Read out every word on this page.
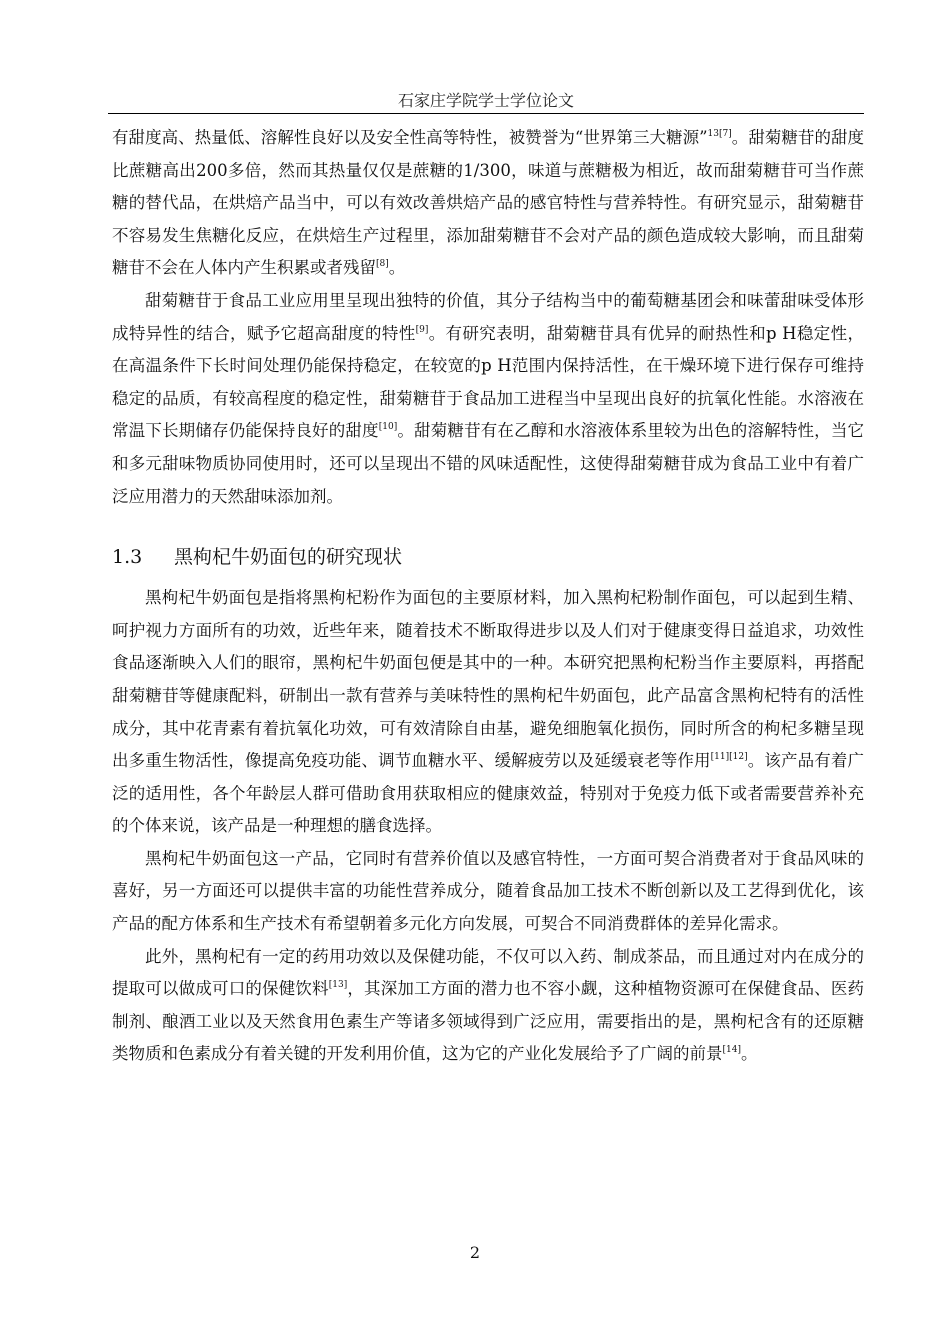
石家庄学院学士学位论文

有甜度高、热量低、溶解性良好以及安全性高等特性，被赞誉为“世界第三大糖源”$^{13[7]}$。甜菊糖苷的甜度比蔗糖高出200多倍，然而其热量仅仅是蔗糖的1/300，味道与蔗糖极为相近，故而甜菊糖苷可当作蔗糖的替代品，在烘焙产品当中，可以有效改善烘焙产品的感官特性与营养特性。有研究显示，甜菊糖苷不容易发生焦糖化反应，在烘焙生产过程里，添加甜菊糖苷不会对产品的颜色造成较大影响，而且甜菊糖苷不会在人体内产生积累或者残留[8]。

甜菊糖苷于食品工业应用里呈现出独特的价值，其分子结构当中的葡萄糖基团会和味蕾甜味受体形成特异性的结合，赋予它超高甜度的特性[9]。有研究表明，甜菊糖苷具有优异的耐热性和p H稳定性，在高温条件下长时间处理仍能保持稳定，在较宽的p H范围内保持活性，在干燥环境下进行保存可维持稳定的品质，有较高程度的稳定性，甜菊糖苷于食品加工进程当中呈现出良好的抗氧化性能。水溶液在常温下长期储存仍能保持良好的甜度[10]。甜菊糖苷有在乙醇和水溶液体系里较为出色的溶解特性，当它和多元甜味物质协同使用时，还可以呈现出不错的风味适配性，这使得甜菊糖苷成为食品工业中有着广泛应用潜力的天然甜味添加剂。

1.3 黑枸杞牛奶面包的研究现状

黑枸杞牛奶面包是指将黑枸杞粉作为面包的主要原材料，加入黑枸杞粉制作面包，可以起到生精、呵护视力方面所有的功效，近些年来，随着技术不断取得进步以及人们对于健康变得日益追求，功效性食品逐渐映入人们的眼帘，黑枸杞牛奶面包便是其中的一种。本研究把黑枸杞粉当作主要原料，再搭配甜菊糖苷等健康配料，研制出一款有营养与美味特性的黑枸杞牛奶面包，此产品富含黑枸杞特有的活性成分，其中花青素有着抗氧化功效，可有效清除自由基，避免细胞氧化损伤，同时所含的枸杞多糖呈现出多重生物活性，像提高免疫功能、调节血糖水平、缓解疲劳以及延缓衰老等作用[11][12]。该产品有着广泛的适用性，各个年龄层人群可借助食用获取相应的健康效益，特别对于免疫力低下或者需要营养补充的个体来说，该产品是一种理想的膳食选择。

黑枸杞牛奶面包这一产品，它同时有营养价值以及感官特性，一方面可契合消费者对于食品风味的喜好，另一方面还可以提供丰富的功能性营养成分，随着食品加工技术不断创新以及工艺得到优化，该产品的配方体系和生产技术有希望朝着多元化方向发展，可契合不同消费群体的差异化需求。

此外，黑枸杞有一定的药用功效以及保健功能，不仅可以入药、制成茶品，而且通过对内在成分的提取可以做成可口的保健饮料[13]，其深加工方面的潜力也不容小觑，这种植物资源可在保健食品、医药制剂、酿酒工业以及天然食用色素生产等诸多领域得到广泛应用，需要指出的是，黑枸杞含有的还原糖类物质和色素成分有着关键的开发利用价值，这为它的产业化发展给予了广阔的前景[14]。

2
